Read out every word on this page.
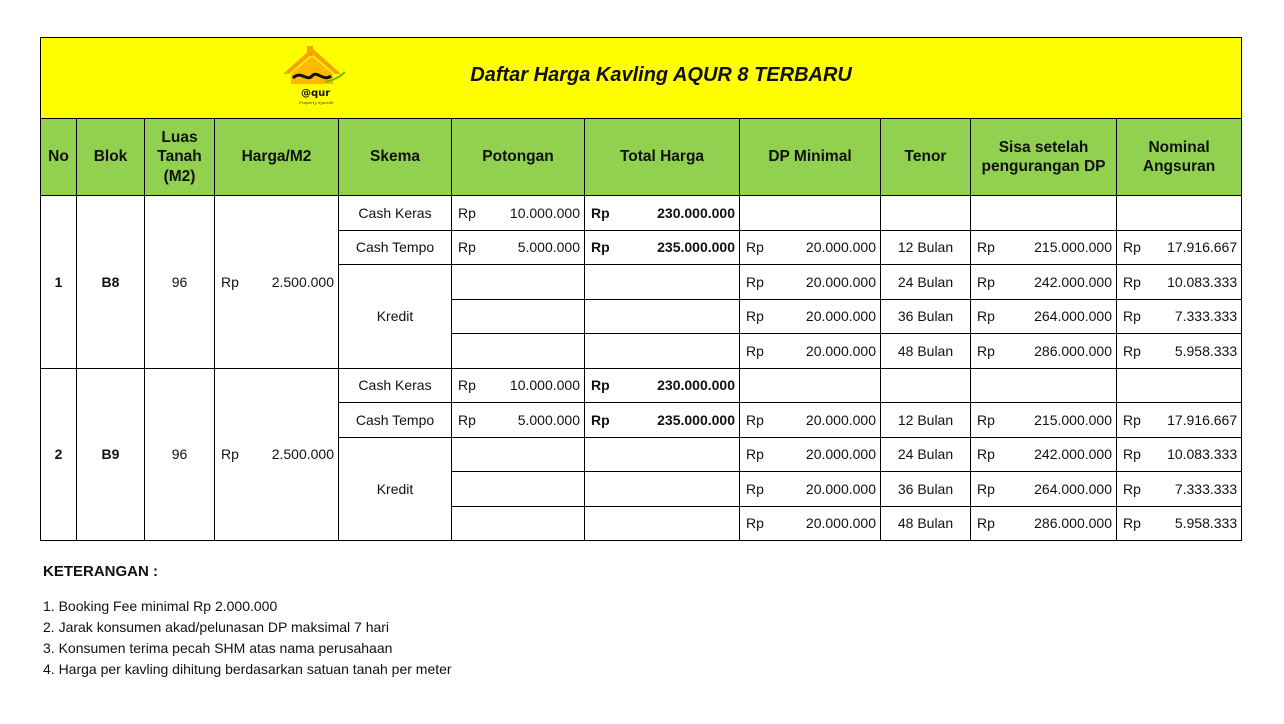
@qur
Property Syariah
Daftar Harga Kavling AQUR 8 TERBARU										

No	Blok	Luas Tanah (M2)	Harga/M2	Skema	Potongan	Total Harga	DP Minimal	Tenor	Sisa setelah pengurangan DP	Nominal Angsuran
1	B8	96	Rp 2.500.000	Cash Keras	Rp 10.000.000	Rp 230.000.000				

				Cash Tempo	Rp 5.000.000	Rp 235.000.000	Rp 20.000.000	12 Bulan	Rp 215.000.000	Rp 17.916.667

				Kredit			Rp 20.000.000	24 Bulan	Rp 242.000.000	Rp 10.083.333

							Rp 20.000.000	36 Bulan	Rp 264.000.000	Rp 7.333.333

							Rp 20.000.000	48 Bulan	Rp 286.000.000	Rp 5.958.333

2	B9	96	Rp 2.500.000	Cash Keras	Rp 10.000.000	Rp 230.000.000				

				Cash Tempo	Rp 5.000.000	Rp 235.000.000	Rp 20.000.000	12 Bulan	Rp 215.000.000	Rp 17.916.667

				Kredit			Rp 20.000.000	24 Bulan	Rp 242.000.000	Rp 10.083.333

							Rp 20.000.000	36 Bulan	Rp 264.000.000	Rp 7.333.333

							Rp 20.000.000	48 Bulan	Rp 286.000.000	Rp 5.958.333
KETERANGAN :
1. Booking Fee minimal Rp 2.000.000
2. Jarak konsumen akad/pelunasan DP maksimal 7 hari
3. Konsumen terima pecah SHM atas nama perusahaan
4. Harga per kavling dihitung berdasarkan satuan tanah per meter
